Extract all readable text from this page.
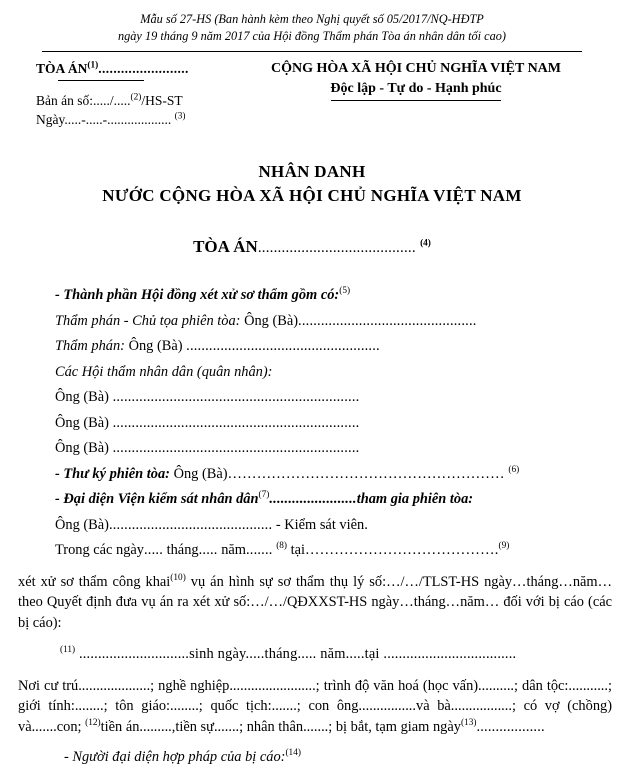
Mẫu số 27-HS (Ban hành kèm theo Nghị quyết số 05/2017/NQ-HĐTP
ngày 19 tháng 9 năm 2017 của Hội đồng Thẩm phán Tòa án nhân dân tối cao)
TÒA ÁN$^{(1)}$........................
Bản án số:...../.....$^{(2)}$/HS-ST
Ngày.....-.....-................... $^{(3)}$
CỘNG HÒA XÃ HỘI CHỦ NGHĨA VIỆT NAM
Độc lập - Tự do - Hạnh phúc
NHÂN DANH
NƯỚC CỘNG HÒA XÃ HỘI CHỦ NGHĨA VIỆT NAM
TÒA ÁN........................................ $^{(4)}$
- Thành phần Hội đồng xét xử sơ thẩm gồm có:$^{(5)}$
Thẩm phán - Chủ tọa phiên tòa: Ông (Bà)...............................................
Thẩm phán: Ông (Bà) ...................................................
Các Hội thẩm nhân dân (quân nhân):
Ông (Bà) .................................................................
Ông (Bà) .................................................................
Ông (Bà) .................................................................
- Thư ký phiên tòa: Ông (Bà)………………………………………………… $^{(6)}$
- Đại diện Viện kiểm sát nhân dân$^{(7)}$.......................tham gia phiên tòa:
Ông (Bà)........................................... - Kiểm sát viên.
Trong các ngày..... tháng..... năm....... $^{(8)}$ tại………………………………….$^{(9)}$
xét xử sơ thẩm công khai$^{(10)}$ vụ án hình sự sơ thẩm thụ lý số:…/…/TLST-HS ngày…tháng…năm…theo Quyết định đưa vụ án ra xét xử số:…/…/QĐXXST-HS ngày…tháng…năm… đối với bị cáo (các bị cáo):
$^{(11)}$ .............................sinh ngày.....tháng..... năm.....tại ...................................
Nơi cư trú....................; nghề nghiệp........................; trình độ văn hoá (học vấn)..........; dân tộc:...........; giới tính:........; tôn giáo:........; quốc tịch:.......; con ông................và bà.................; có vợ (chồng) và.......con; $^{(12)}$tiền án.........,tiền sự.......; nhân thân.......; bị bắt, tạm giam ngày$^{(13)}$..................
- Người đại diện hợp pháp của bị cáo:$^{(14)}$
